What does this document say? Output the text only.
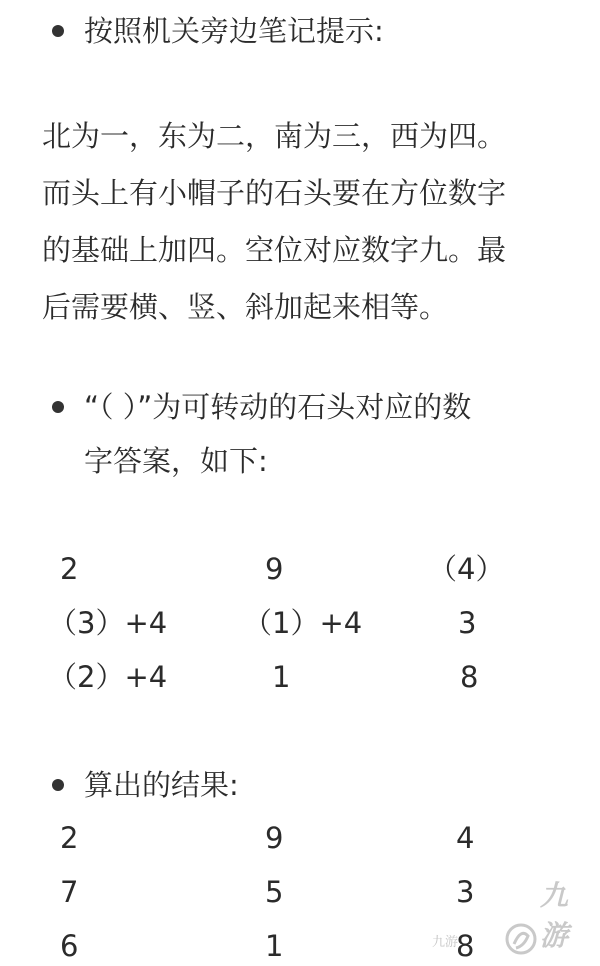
按照机关旁边笔记提示:
北为一，东为二，南为三，西为四。
而头上有小帽子的石头要在方位数字
的基础上加四。空位对应数字九。最
后需要横、竖、斜加起来相等。
“（ ）”为可转动的石头对应的数
字答案，如下:
2	9	（4）
（3）+4	（1）+4	3
（2）+4	1	8
算出的结果:
2	9	4
7	5	3
6	1	8
九游
九游
